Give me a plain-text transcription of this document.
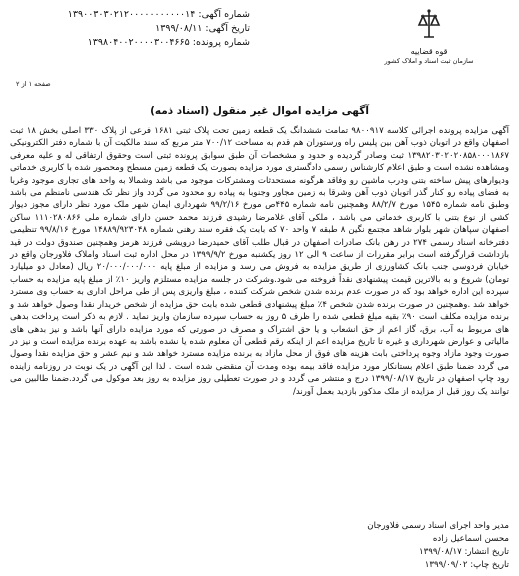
قوه قضاییه
سازمان ثبت اسناد و املاک کشور
شماره آگهی: ۱۳۹۰۰۳۰۳۰۲۱۲۰۰۰۰۰۰۰۰۰۰۰۱۴
تاریخ آگهی: ۱۳۹۹/۰۸/۱۱
شماره پرونده: ۱۳۹۸۰۴۰۰۲۰۰۰۰۳۰۰۴۶۶۵
صفحه ۱ از ۲
آگهی مزایده اموال غیر منقول (اسناد ذمه)

آگهی مزایده پرونده اجرائی کلاسه ۹۸۰۰۹۱۷ تمامت ششدانگ یک قطعه زمین تحت پلاک ثبتی ۱۶۸۱ فرعی از پلاک ۳۳۰ اصلی بخش ۱۸ ثبت اصفهان واقع در اتوبان ذوب آهن بین پلیس راه ورستوران هم قدم به مساحت ۷۰۰/۱۲ متر مربع که سند مالکیت آن با شماره دفتر الکترونیکی ۱۳۹۸۲۰۳۰۲۰۲۰۸۵۸۰۰۰۱۸۶۷ ثبت وصادر گردیده و حدود و مشخصات آن طبق سوابق پرونده ثبتی است وحقوق ارتفاقی له و علیه معرفی ومشاهده نشده است و طبق اعلام کارشناس رسمی دادگستری مورد مزایده بصورت یک قطعه زمین مسطح ومحصور شده با کاربری خدماتی ودیوارهای پیش ساخته بتنی ودرب ماشین رو وفاقد هرگونه مستحدثات ومشترکات موجود می باشد وشمالا به واحد های تجاری موجود وغربا به فضای پیاده رو کنار گذر اتوبان ذوب آهن وشرقا به زمین مجاور وجنوبا به پیاده رو محدود می گردد واز نظر تک هندسی نامنظم می باشد وطبق نامه شماره ۱۵۴۵ مورخ ۸۸/۲/۷ وهمچنین نامه شماره ۴۴۵ص مورخ ۹۹/۲/۱۶ شهرداری ایمان شهر ملک مورد نظر دارای مجوز دیوار کشی از نوع بتنی با کاربری خدماتی می باشد ، ملکی آقای غلامرضا رشیدی فرزند محمد حسن دارای شماره ملی ۱۱۱۰۲۸۰۸۶۶ ساکن اصفهان سپاهان شهر بلوار شاهد مجتمع نگین ۸ طبقه ۷ واحد ۷۰ که بابت یک فقره سند رهنی شماره ۱۴۸۸۹/۹۲۳۰۴۸ مورخ ۹۹/۸/۱۶ تنظیمی دفترخانه اسناد رسمی ۲۷۴ در رهن بانک صادرات اصفهان در قبال طلب آقای حمیدرضا درویشی فرزند هرمز وهمچنین صندوق دولت در قید بازداشت قرارگرفته است برابر مقررات از ساعت ۹ الی ۱۲ روز یکشنبه مورخ ۱۳۹۹/۹/۲ در محل اداره ثبت اسناد واملاک فلاورجان واقع در خیابان فردوسی جنب بانک کشاورزی از طریق مزایده به فروش می رسد و مزایده از مبلغ پایه ۲۰/۰۰۰/۰۰۰/۰۰۰ ریال (معادل دو میلیارد تومان) شروع و به بالاترین قیمت پیشنهادی نقداً فروخته می شود.وشرکت در جلسه مزایده مستلزم واریز ۱۰٪ از مبلغ پایه مزایده به حساب سپرده این اداره خواهد بود که در صورت عدم برنده شدن شخص شرکت کننده ، مبلغ واریزی پس از طی مراحل اداری به حساب وی مسترد خواهد شد .وهمچنین در صورت برنده شدن شخص ۴٪ مبلغ پیشنهادی قطعی شده بابت حق مزایده از شخص خریدار نقدا وصول خواهد شد و برنده مزایده مکلف است ۹۰٪ بقیه مبلغ قطعی شده را ظرف ۵ روز به حساب سپرده سازمان واریز نماید . لازم به ذکر است پرداخت بدهی های مربوط به آب، برق، گاز اعم از حق انشعاب و یا حق اشتراک و مصرف در صورتی که مورد مزایده دارای آنها باشد و نیز بدهی های مالیاتی و عوارض شهرداری و غیره تا تاریخ مزایده اعم از اینکه رقم قطعی آن معلوم شده یا نشده باشد به عهده برنده مزایده است و نیز در صورت وجود مازاد وجوه پرداختی بابت هزینه های فوق از محل مازاد به برنده مزایده مسترد خواهد شد و نیم عشر و حق مزایده نقدا وصول می گردد ضمنا طبق اعلام بستانکار مورد مزایده فاقد بیمه بوده ومدت آن منقضی شده است . لذا این آگهی در یک نوبت در روزنامه زاینده رود چاپ اصفهان در تاریخ ۱۳۹۹/۰۸/۱۷ درج و منتشر می گردد و در صورت تعطیلی روز مزایده به روز بعد موکول می گردد.ضمنا طالبین می توانند یک روز قبل از مزایده از ملک مذکور بازدید بعمل آورند/

مدیر واحد اجرای اسناد رسمی فلاورجان
محسن اسماعیل زاده
تاریخ انتشار: ۱۳۹۹/۰۸/۱۷
تاریخ چاپ: ۱۳۹۹/۰۹/۰۲
